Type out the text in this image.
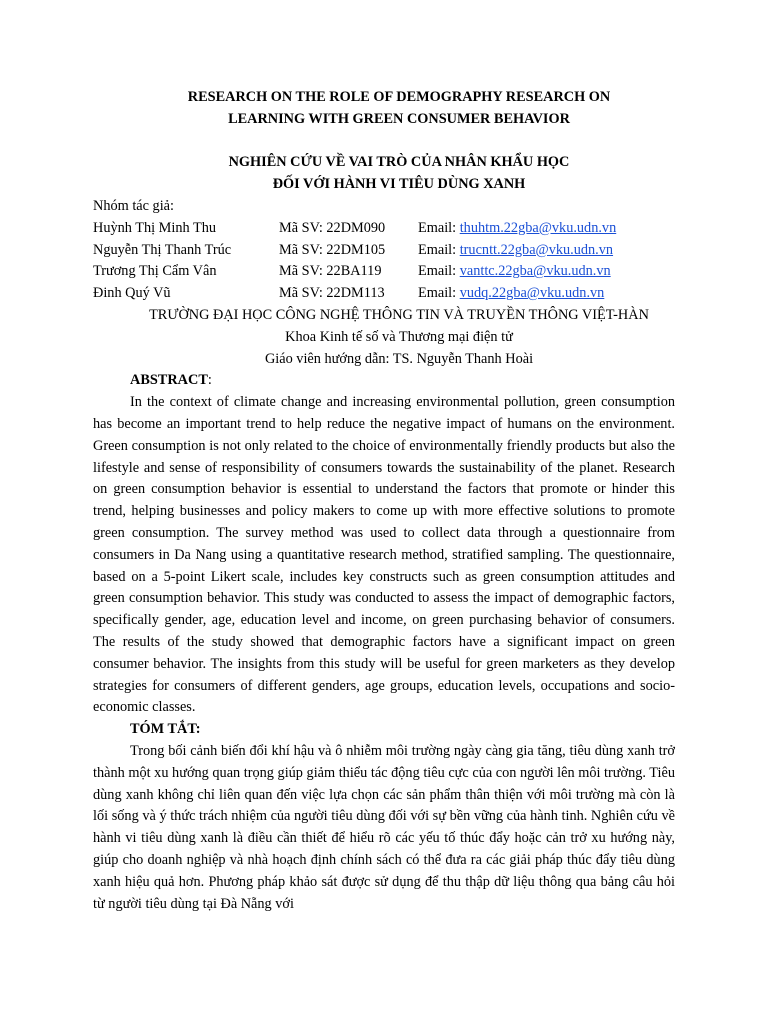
RESEARCH ON THE ROLE OF DEMOGRAPHY RESEARCH ON
LEARNING WITH GREEN CONSUMER BEHAVIOR
NGHIÊN CỨU VỀ VAI TRÒ CỦA NHÂN KHẨU HỌC
ĐỐI VỚI HÀNH VI TIÊU DÙNG XANH
Nhóm tác giả:
Huỳnh Thị Minh Thu	Mã SV: 22DM090 Email: thuhtm.22gba@vku.udn.vn
Nguyễn Thị Thanh Trúc	Mã SV: 22DM105 Email: trucntt.22gba@vku.udn.vn
Trương Thị Cẩm Vân	Mã SV: 22BA119	Email: vanttc.22gba@vku.udn.vn
Đinh Quý Vũ	Mã SV: 22DM113 Email: vudq.22gba@vku.udn.vn
TRƯỜNG ĐẠI HỌC CÔNG NGHỆ THÔNG TIN VÀ TRUYỀN THÔNG VIỆT-HÀN
Khoa Kinh tế số và Thương mại điện tử
Giáo viên hướng dẫn: TS. Nguyễn Thanh Hoài
ABSTRACT:

In the context of climate change and increasing environmental pollution, green consumption has become an important trend to help reduce the negative impact of humans on the environment. Green consumption is not only related to the choice of environmentally friendly products but also the lifestyle and sense of responsibility of consumers towards the sustainability of the planet. Research on green consumption behavior is essential to understand the factors that promote or hinder this trend, helping businesses and policy makers to come up with more effective solutions to promote green consumption. The survey method was used to collect data through a questionnaire from consumers in Da Nang using a quantitative research method, stratified sampling. The questionnaire, based on a 5-point Likert scale, includes key constructs such as green consumption attitudes and green consumption behavior. This study was conducted to assess the impact of demographic factors, specifically gender, age, education level and income, on green purchasing behavior of consumers. The results of the study showed that demographic factors have a significant impact on green consumer behavior. The insights from this study will be useful for green marketers as they develop strategies for consumers of different genders, age groups, education levels, occupations and socio-economic classes.

TÓM TẮT:

Trong bối cảnh biến đổi khí hậu và ô nhiễm môi trường ngày càng gia tăng, tiêu dùng xanh trở thành một xu hướng quan trọng giúp giảm thiểu tác động tiêu cực của con người lên môi trường. Tiêu dùng xanh không chỉ liên quan đến việc lựa chọn các sản phẩm thân thiện với môi trường mà còn là lối sống và ý thức trách nhiệm của người tiêu dùng đối với sự bền vững của hành tinh. Nghiên cứu về hành vi tiêu dùng xanh là điều cần thiết để hiểu rõ các yếu tố thúc đẩy hoặc cản trở xu hướng này, giúp cho doanh nghiệp và nhà hoạch định chính sách có thể đưa ra các giải pháp thúc đẩy tiêu dùng xanh hiệu quả hơn. Phương pháp khảo sát được sử dụng để thu thập dữ liệu thông qua bảng câu hỏi từ người tiêu dùng tại Đà Nẵng với
